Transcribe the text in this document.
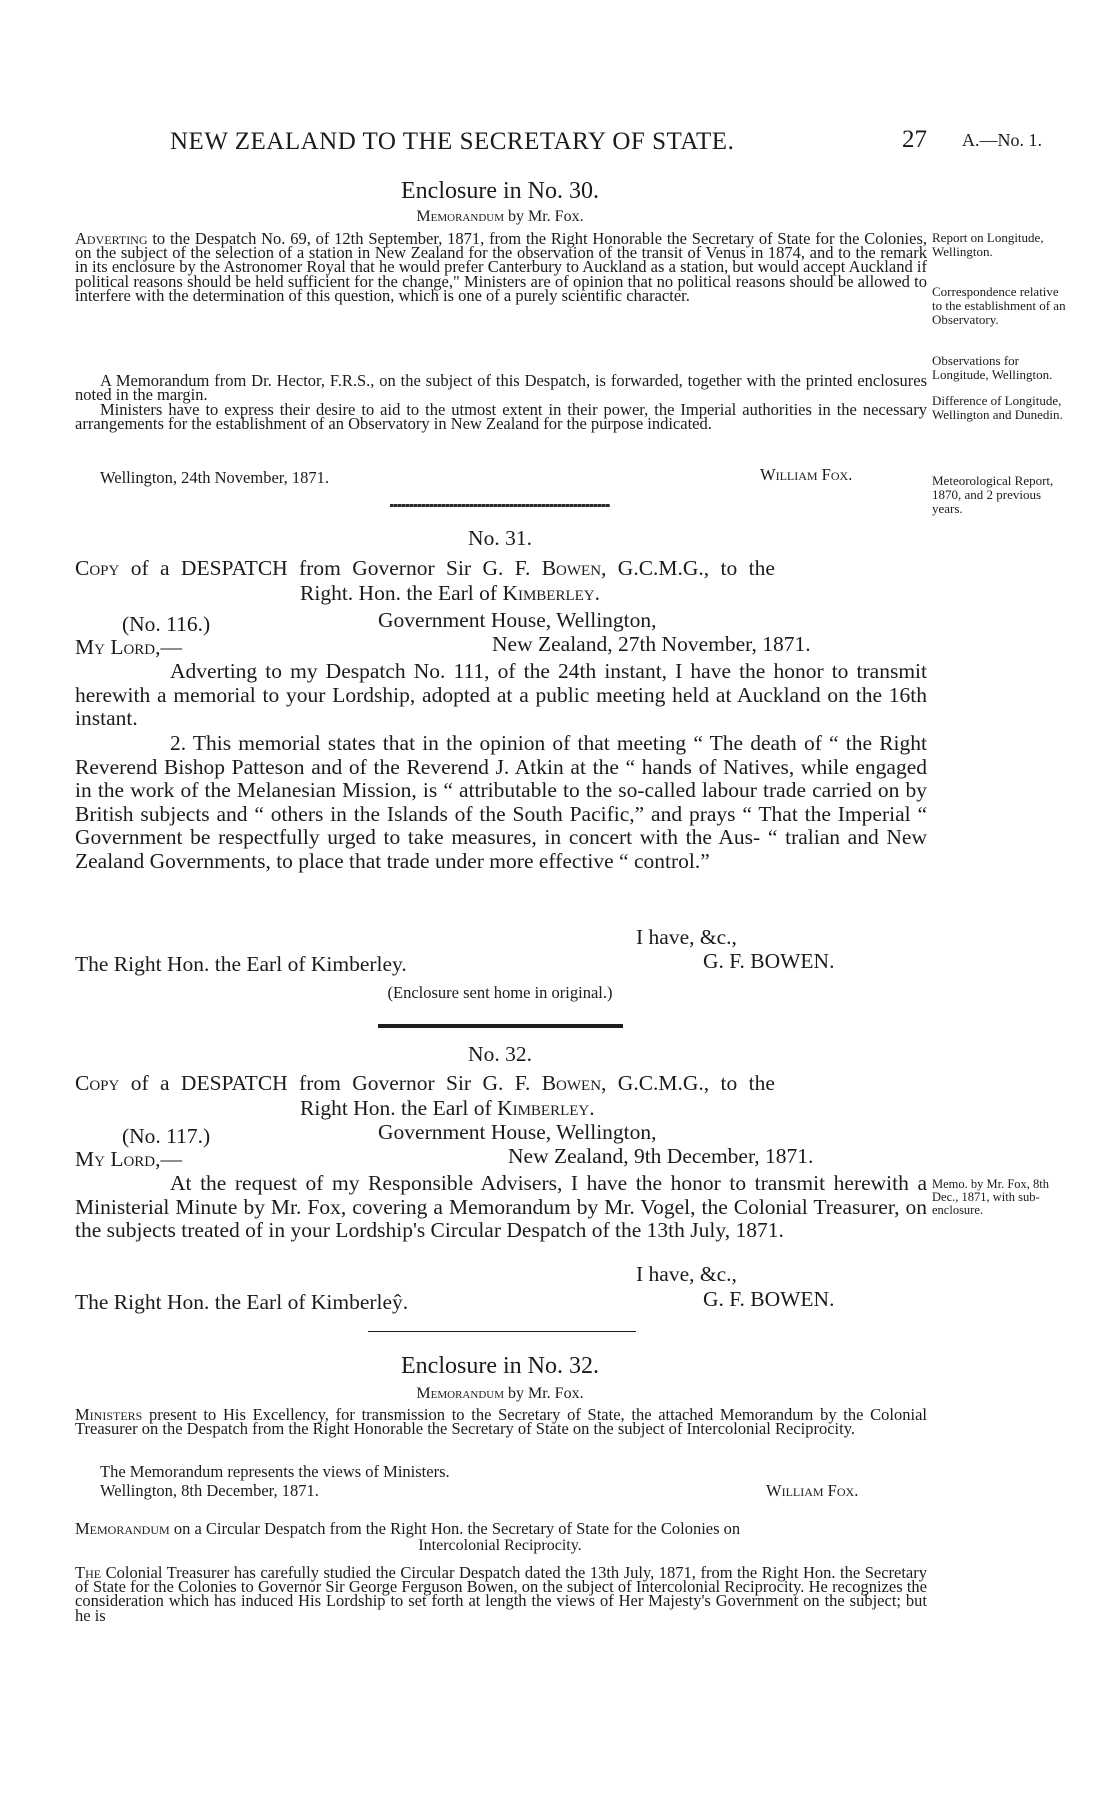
NEW ZEALAND TO THE SECRETARY OF STATE.	27 A.—No. 1.
Enclosure in No. 30.
Memorandum by Mr. Fox.
Adverting to the Despatch No. 69, of 12th September, 1871, from the Right Honorable the Secretary of State for the Colonies, on the subject of the selection of a station in New Zealand for the observation of the transit of Venus in 1874, and to the remark in its enclosure by the Astronomer Royal that he would prefer Canterbury to Auckland as a station, but would accept Auckland if political reasons should be held sufficient for the change," Ministers are of opinion that no political reasons should be allowed to interfere with the determination of this question, which is one of a purely scientific character.
A Memorandum from Dr. Hector, F.R.S., on the subject of this Despatch, is forwarded, together with the printed enclosures noted in the margin.
Ministers have to express their desire to aid to the utmost extent in their power, the Imperial authorities in the necessary arrangements for the establishment of an Observatory in New Zealand for the purpose indicated.
Wellington, 24th November, 1871.	William Fox.
Report on Longitude, Wellington.
Correspondence relative to the establishment of an Observatory.
Observations for Longitude, Wellington.
Difference of Longitude, Wellington and Dunedin.
Meteorological Report, 1870, and 2 previous years.
No. 31.
Copy of a DESPATCH from Governor Sir G. F. Bowen, G.C.M.G., to the
Right. Hon. the Earl of Kimberley.
(No. 116.)	Government House, Wellington,
My Lord,—	New Zealand, 27th November, 1871.
Adverting to my Despatch No. 111, of the 24th instant, I have the honor to transmit herewith a memorial to your Lordship, adopted at a public meeting held at Auckland on the 16th instant.
2. This memorial states that in the opinion of that meeting “ The death of “ the Right Reverend Bishop Patteson and of the Reverend J. Atkin at the “ hands of Natives, while engaged in the work of the Melanesian Mission, is “ attributable to the so-called labour trade carried on by British subjects and “ others in the Islands of the South Pacific,” and prays “ That the Imperial “ Government be respectfully urged to take measures, in concert with the Aus- “ tralian and New Zealand Governments, to place that trade under more effective “ control.”
I have, &c.,
The Right Hon. the Earl of Kimberley.	G. F. BOWEN.
(Enclosure sent home in original.)
No. 32.
Copy of a DESPATCH from Governor Sir G. F. Bowen, G.C.M.G., to the
Right Hon. the Earl of Kimberley.
(No. 117.)	Government House, Wellington,
My Lord,—	New Zealand, 9th December, 1871.
At the request of my Responsible Advisers, I have the honor to transmit herewith a Ministerial Minute by Mr. Fox, covering a Memorandum by Mr. Vogel, the Colonial Treasurer, on the subjects treated of in your Lordship's Circular Despatch of the 13th July, 1871.
Memo. by Mr. Fox, 8th Dec., 1871, with sub-enclosure.
I have, &c.,
The Right Hon. the Earl of Kimberleŷ.	G. F. BOWEN.
Enclosure in No. 32.
Memorandum by Mr. Fox.
Ministers present to His Excellency, for transmission to the Secretary of State, the attached Memorandum by the Colonial Treasurer on the Despatch from the Right Honorable the Secretary of State on the subject of Intercolonial Reciprocity.
The Memorandum represents the views of Ministers.
Wellington, 8th December, 1871.	William Fox.
Memorandum on a Circular Despatch from the Right Hon. the Secretary of State for the Colonies on
Intercolonial Reciprocity.
The Colonial Treasurer has carefully studied the Circular Despatch dated the 13th July, 1871, from the Right Hon. the Secretary of State for the Colonies to Governor Sir George Ferguson Bowen, on the subject of Intercolonial Reciprocity. He recognizes the consideration which has induced His Lordship to set forth at length the views of Her Majesty's Government on the subject; but he is
